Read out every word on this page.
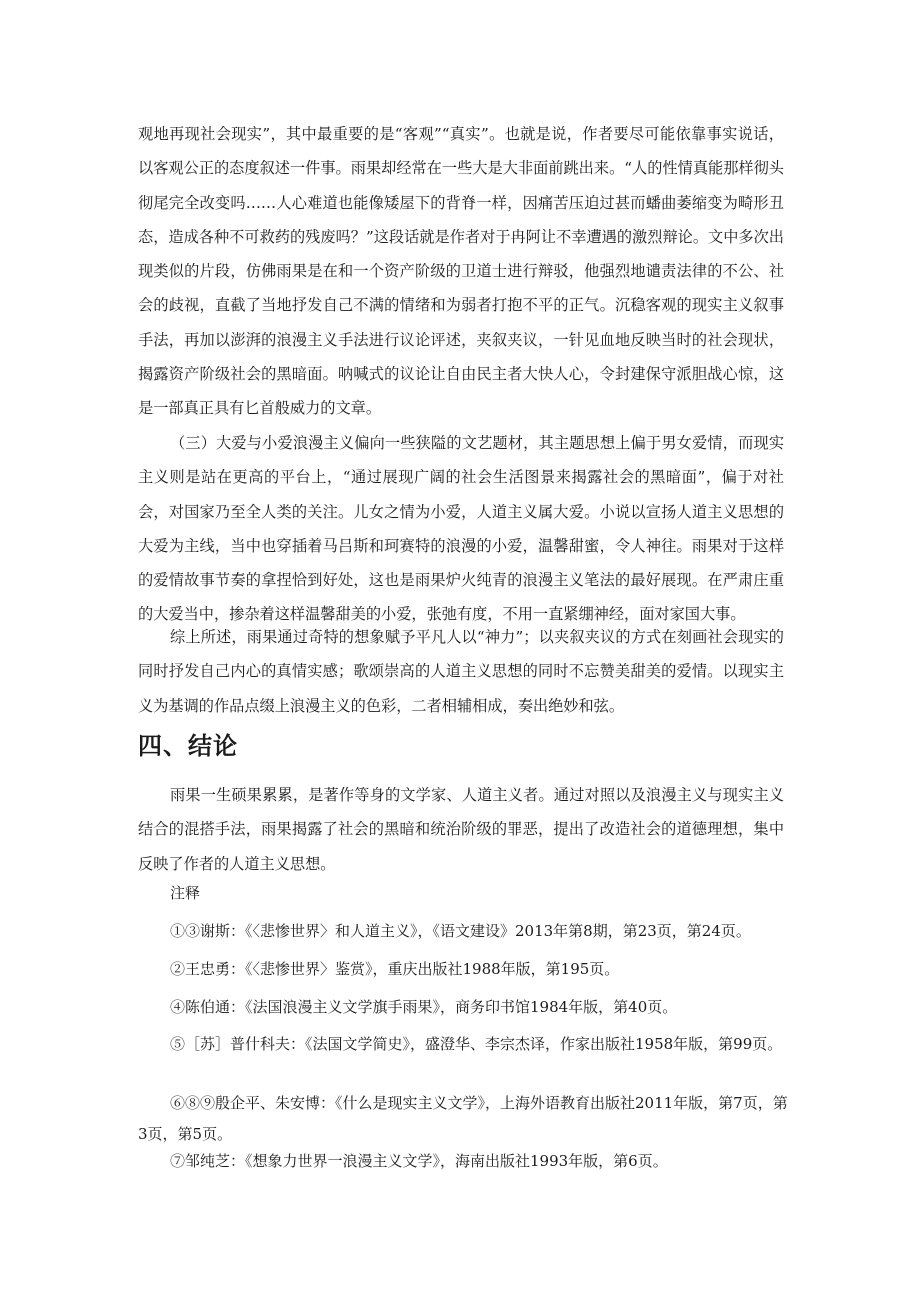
观地再现社会现实”，其中最重要的是“客观”“真实”。也就是说，作者要尽可能依靠事实说话，以客观公正的态度叙述一件事。雨果却经常在一些大是大非面前跳出来。“人的性情真能那样彻头彻尾完全改变吗……人心难道也能像矮屋下的背脊一样，因痛苦压迫过甚而蟠曲萎缩变为畸形丑态，造成各种不可救药的残废吗？”这段话就是作者对于冉阿让不幸遭遇的激烈辩论。文中多次出现类似的片段，仿佛雨果是在和一个资产阶级的卫道士进行辩驳，他强烈地谴责法律的不公、社会的歧视，直截了当地抒发自己不满的情绪和为弱者打抱不平的正气。沉稳客观的现实主义叙事手法，再加以澎湃的浪漫主义手法进行议论评述，夹叙夹议，一针见血地反映当时的社会现状，揭露资产阶级社会的黑暗面。呐喊式的议论让自由民主者大快人心，令封建保守派胆战心惊，这是一部真正具有匕首般威力的文章。

（三）大爱与小爱浪漫主义偏向一些狭隘的文艺题材，其主题思想上偏于男女爱情，而现实主义则是站在更高的平台上，“通过展现广阔的社会生活图景来揭露社会的黑暗面”，偏于对社会，对国家乃至全人类的关注。儿女之情为小爱，人道主义属大爱。小说以宣扬人道主义思想的大爱为主线，当中也穿插着马吕斯和珂赛特的浪漫的小爱，温馨甜蜜，令人神往。雨果对于这样的爱情故事节奏的拿捏恰到好处，这也是雨果炉火纯青的浪漫主义笔法的最好展现。在严肃庄重的大爱当中，掺杂着这样温馨甜美的小爱，张弛有度，不用一直紧绷神经，面对家国大事。

综上所述，雨果通过奇特的想象赋予平凡人以“神力”；以夹叙夹议的方式在刻画社会现实的同时抒发自己内心的真情实感；歌颂崇高的人道主义思想的同时不忘赞美甜美的爱情。以现实主义为基调的作品点缀上浪漫主义的色彩，二者相辅相成，奏出绝妙和弦。

四、结论

雨果一生硕果累累，是著作等身的文学家、人道主义者。通过对照以及浪漫主义与现实主义结合的混搭手法，雨果揭露了社会的黑暗和统治阶级的罪恶，提出了改造社会的道德理想，集中反映了作者的人道主义思想。

注释

①③谢斯：《〈悲惨世界〉和人道主义》，《语文建设》2013年第8期，第23页，第24页。

②王忠勇：《〈悲惨世界〉鉴赏》，重庆出版社1988年版，第195页。

④陈伯通：《法国浪漫主义文学旗手雨果》，商务印书馆1984年版，第40页。

⑤［苏］普什科夫：《法国文学简史》，盛澄华、李宗杰译，作家出版社1958年版，第99页。

⑥⑧⑨殷企平、朱安博：《什么是现实主义文学》，上海外语教育出版社2011年版，第7页，第3页，第5页。

⑦邹纯芝：《想象力世界一浪漫主义文学》，海南出版社1993年版，第6页。
